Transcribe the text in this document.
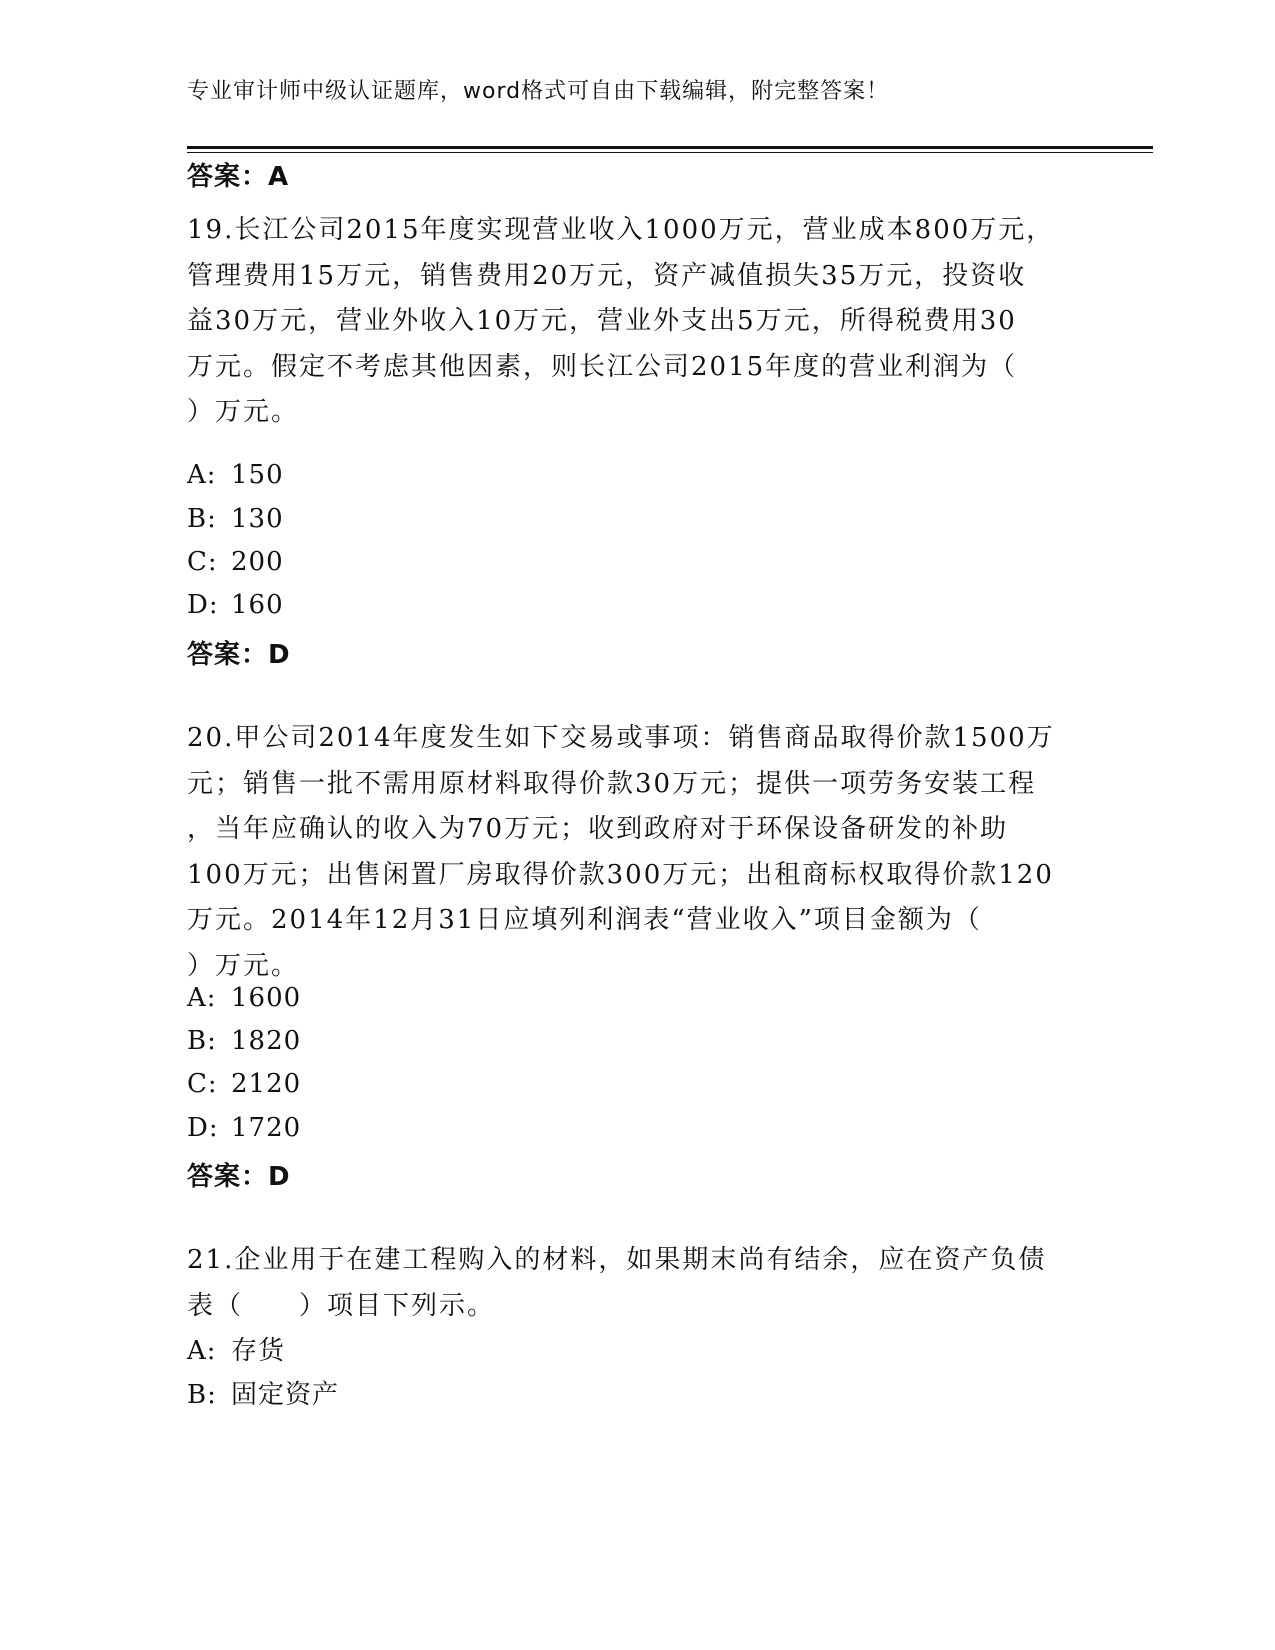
专业审计师中级认证题库，word格式可自由下载编辑，附完整答案！
答案：A
19.长江公司2015年度实现营业收入1000万元，营业成本800万元，
管理费用15万元，销售费用20万元，资产减值损失35万元，投资收
益30万元，营业外收入10万元，营业外支出5万元，所得税费用30
万元。假定不考虑其他因素，则长江公司2015年度的营业利润为（
）万元。
A: 150
B: 130
C: 200
D: 160
答案：D
20.甲公司2014年度发生如下交易或事项：销售商品取得价款1500万
元；销售一批不需用原材料取得价款30万元；提供一项劳务安装工程
，当年应确认的收入为70万元；收到政府对于环保设备研发的补助
100万元；出售闲置厂房取得价款300万元；出租商标权取得价款120
万元。2014年12月31日应填列利润表“营业收入”项目金额为（
）万元。
A: 1600
B: 1820
C: 2120
D: 1720
答案：D
21.企业用于在建工程购入的材料，如果期末尚有结余，应在资产负债
表（　　）项目下列示。
A: 存货
B: 固定资产
